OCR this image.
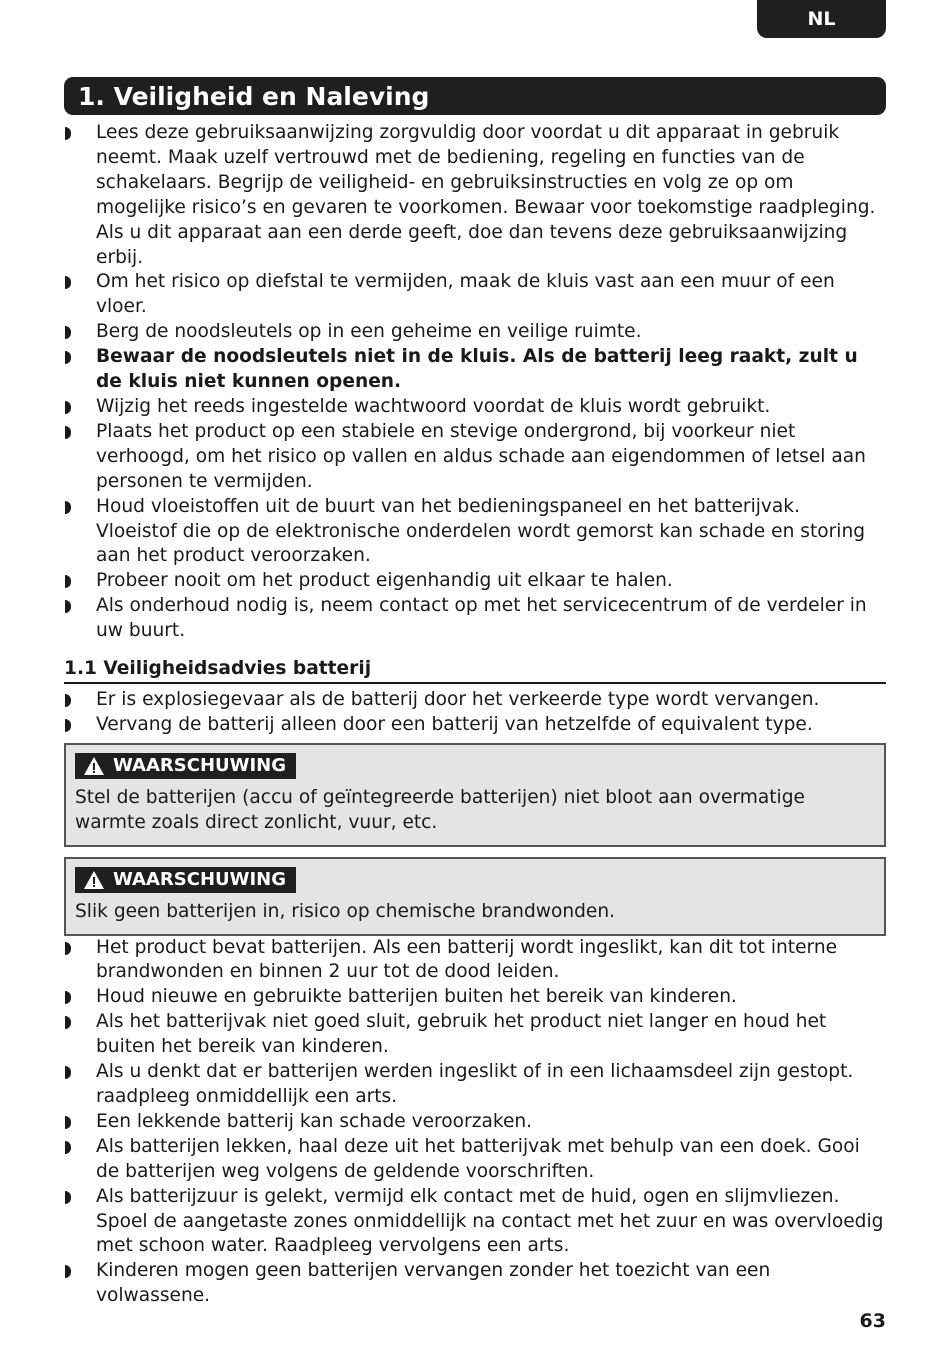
NL
1. Veiligheid en Naleving
Lees deze gebruiksaanwijzing zorgvuldig door voordat u dit apparaat in gebruik neemt. Maak uzelf vertrouwd met de bediening, regeling en functies van de schakelaars. Begrijp de veiligheid- en gebruiksinstructies en volg ze op om mogelijke risico’s en gevaren te voorkomen. Bewaar voor toekomstige raadpleging. Als u dit apparaat aan een derde geeft, doe dan tevens deze gebruiksaanwijzing erbij.
Om het risico op diefstal te vermijden, maak de kluis vast aan een muur of een vloer.
Berg de noodsleutels op in een geheime en veilige ruimte.
Bewaar de noodsleutels niet in de kluis. Als de batterij leeg raakt, zult u de kluis niet kunnen openen.
Wijzig het reeds ingestelde wachtwoord voordat de kluis wordt gebruikt.
Plaats het product op een stabiele en stevige ondergrond, bij voorkeur niet verhoogd, om het risico op vallen en aldus schade aan eigendommen of letsel aan personen te vermijden.
Houd vloeistoffen uit de buurt van het bedieningspaneel en het batterijvak. Vloeistof die op de elektronische onderdelen wordt gemorst kan schade en storing aan het product veroorzaken.
Probeer nooit om het product eigenhandig uit elkaar te halen.
Als onderhoud nodig is, neem contact op met het servicecentrum of de verdeler in uw buurt.
1.1 Veiligheidsadvies batterij
Er is explosiegevaar als de batterij door het verkeerde type wordt vervangen.
Vervang de batterij alleen door een batterij van hetzelfde of equivalent type.
WAARSCHUWING
Stel de batterijen (accu of geïntegreerde batterijen) niet bloot aan overmatige warmte zoals direct zonlicht, vuur, etc.
WAARSCHUWING
Slik geen batterijen in, risico op chemische brandwonden.
Het product bevat batterijen. Als een batterij wordt ingeslikt, kan dit tot interne brandwonden en binnen 2 uur tot de dood leiden.
Houd nieuwe en gebruikte batterijen buiten het bereik van kinderen.
Als het batterijvak niet goed sluit, gebruik het product niet langer en houd het buiten het bereik van kinderen.
Als u denkt dat er batterijen werden ingeslikt of in een lichaamsdeel zijn gestopt. raadpleeg onmiddellijk een arts.
Een lekkende batterij kan schade veroorzaken.
Als batterijen lekken, haal deze uit het batterijvak met behulp van een doek. Gooi de batterijen weg volgens de geldende voorschriften.
Als batterijzuur is gelekt, vermijd elk contact met de huid, ogen en slijmvliezen. Spoel de aangetaste zones onmiddellijk na contact met het zuur en was overvloedig met schoon water. Raadpleeg vervolgens een arts.
Kinderen mogen geen batterijen vervangen zonder het toezicht van een volwassene.
63
